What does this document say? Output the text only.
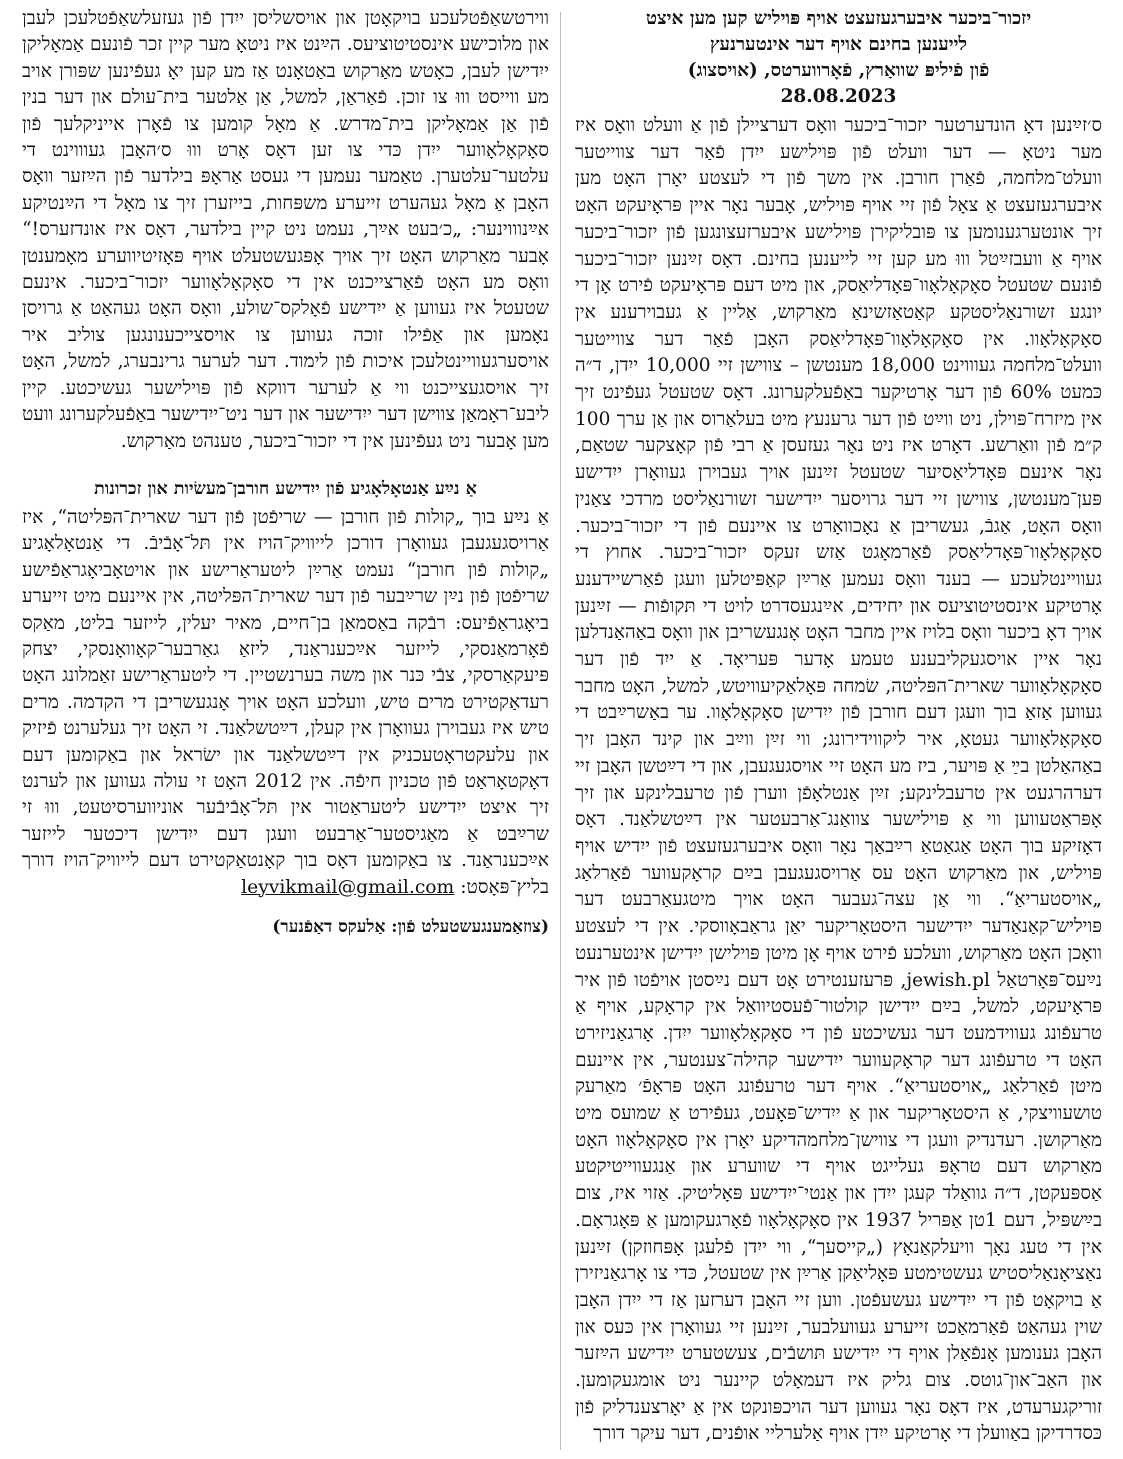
יזכור־ביכער איבערגעזעצט אויף פּויליש קען מען איצט
לייענען בחינם אויף דער אינטערנעץ
פֿון פֿיליפּ שוואַרץ, פֿאָרווערטס, (אויסצוג)
28.08.2023

ס׳זײַנען דאָ הונדערטער יזכור־ביכער וואָס דערציילן פֿון אַ וועלט וואָס איז מער ניטאָ — דער וועלט פֿון פּוילישע ייִדן פֿאַר דער צווייטער וועלט־מלחמה, פֿאַרן חורבן. אין משך פֿון די לעצטע יאָרן האָט מען איבערגעזעצט אַ צאָל פֿון זיי אויף פּויליש, אָבער נאָר איין פּראָיעקט האָט זיך אונטערגענומען צו פּובליקירן פּוילישע איבערזעצונגען פֿון יזכור־ביכער אויף אַ וועבזײַטל וווּ מע קען זיי לייענען בחינם. דאָס זײַנען יזכור־ביכער פֿונעם שטעטל סאָקאָלאָוו־פּאָדליאַסק, און מיט דעם פּראָיעקט פֿירט אָן די יונגע זשורנאַליסטקע קאַטאַזשינאַ מאַרקוש, אַליין אַ געבוירענע אין סאָקאָלאָוו. אין סאָקאָלאָוו־פּאָדליאַסק האָבן פֿאַר דער צווייטער וועלט־מלחמה געוווינט 18,000 מענטשן – צווישן זיי 10,000 ייִדן, ד״ה כּמעט 60% פֿון דער אָרטיקער באַפֿעלקערונג. דאָס שטעטל געפֿינט זיך אין מיזרח־פּוילן, ניט ווײַט פֿון דער גרענעץ מיט בעלאַרוס און אַן ערך 100 ק״מ פֿון וואַרשע. דאָרט איז ניט נאָר געזעסן אַ רבי פֿון קאָצקער שטאַם, נאָר אינעם פּאָדליאַסיער שטעטל זײַנען אויך געבוירן געוואָרן ייִדישע פּען־מענטשן, צווישן זיי דער גרויסער ייִדישער זשורנאַליסט מרדכי צאַנין וואָס האָט, אַגבֿ, געשריבן אַ נאָכוואָרט צו איינעם פֿון די יזכור־ביכער. סאָקאָלאָוו־פּאָדליאַסק פֿאַרמאָגט אַזש זעקס יזכור־ביכער. אחוץ די געוויינטלעכע — בענד וואָס נעמען אַרײַן קאַפּיטלען וועגן פֿאַרשיידענע אָרטיקע אינסטיטוציעס און יחידים, אײַנגעסדרט לויט די תּקופֿות — זײַנען אויך דאָ ביכער וואָס בלויז איין מחבר האָט אָנגעשריבן און וואָס באַהאַנדלען נאָר איין אויסגעקליבענע טעמע אָדער פּעריאָד. אַ ייִד פֿון דער סאָקאָלאָווער שארית־הפּליטה, שׂמחה פּאָלאַקיעוויטש, למשל, האָט מחבר געווען אַזאַ בוך וועגן דעם חורבן פֿון ייִדישן סאָקאָלאָוו. ער באַשרײַבט די סאָקאָלאָווער געטאָ, איר ליקווידירונג; ווי זײַן ווײַב און קינד האָבן זיך באַהאַלטן בײַ אַ פּויער, ביז מע האָט זיי אויסגעגעבן, און די דײַטשן האָבן זיי דערהרגעט אין טרעבלינקע; זײַן אַנטלאָפֿן ווערן פֿון טרעבלינקע און זיך אָפּראַטעווען ווי אַ פּוילישער צוואַנג־אַרבעטער אין דײַטשלאַנד. דאָס דאָזיקע בוך האָט אַגאַטאַ רײַבאַך נאָר וואָס איבערגעזעצט פֿון ייִדיש אויף פּויליש, און מאַרקוש האָט עס אַרויסגעגעבן בײַם קראָקעווער פֿאַרלאַג „אויסטעריאַ“. ווי אַן עצה־געבער האָט אויך מיטגעאַרבעט דער פּויליש־קאַנאַדער ייִדישער היסטאָריקער יאַן גראַבאָווסקי. אין די לעצטע וואָכן האָט מאַרקוש, וועלכע פֿירט אויף אָן מיטן פּוילישן ייִדישן אינטערנעט נײַעס־פּאָרטאַל jewish.pl, פּרעזענטירט אָט דעם נײַסטן אויפֿטו פֿון איר פּראָיעקט, למשל, בײַם ייִדישן קולטור־פֿעסטיוואַל אין קראָקע, אויף אַ טרעפֿונג געווידמעט דער געשיכטע פֿון די סאָקאָלאָווער ייִדן. אָרגאַניזירט האָט די טרעפֿונג דער קראָקעווער ייִדישער קהילה־צענטער, אין איינעם מיטן פֿאַרלאַג „אויסטעריאַ“. אויף דער טרעפֿונג האָט פּראָפֿ׳ מאַרעק טושעוויצקי, אַ היסטאָריקער און אַ ייִדיש־פּאָעט, געפֿירט אַ שמועס מיט מאַרקושן. רעדנדיק וועגן די צווישן־מלחמהדיקע יאָרן אין סאָקאָלאָוו האָט מאַרקוש דעם טראָפּ געלייגט אויף די שווערע און אַנגעווייטיקטע אַספּעקטן, ד״ה גוואַלד קעגן ייִדן און אַנטי־ייִדישע פּאָליטיק. אַזוי איז, צום בײַשפּיל, דעם 1טן אַפּריל 1937 אין סאָקאָלאָוו פֿאָרגעקומען אַ פּאָגראָם. אין די טעג נאָך וויעלקאַנאָץ („קייסעך“, ווי ייִדן פֿלעגן אָפּחוזקן) זײַנען נאַציאָנאַליסטיש געשטימטע פּאָליאַקן אַרײַן אין שטעטל, כּדי צו אָרגאַניזירן אַ בויקאָט פֿון די ייִדישע געשעפֿטן. ווען זיי האָבן דערזען אַז די ייִדן האָבן שוין געהאַט פֿאַרמאַכט זייערע געוועלבער, זײַנען זיי געוואָרן אין כּעס און האָבן גענומען אָנפֿאַלן אויף די ייִדישע תּושבֿים, צעשטערט ייִדישע הײַזער און האַב־און־גוטס. צום גליק איז דעמאָלט קיינער ניט אומגעקומען. זוריקגערעדט, איז דאָס נאָר געווען דער הויכפּונקט אין אַ יאָרצענדליק פֿון כּסדרדיקן באַוועלן די אָרטיקע ייִדן אויף אַלערליי אופֿנים, דער עיקר דורך

ווירטשאַפֿטלעכע בויקאָטן און אויסשליסן ייִדן פֿון געזעלשאַפֿטלעכן לעבן און מלוכישע אינסטיטוציעס. הײַנט איז ניטאָ מער קיין זכר פֿונעם אַמאָליקן ייִדישן לעבן, כאָטש מאַרקוש באַטאָנט אַז מע קען יאָ געפֿינען שפּורן אויב מע ווייסט וווּ צו זוכן. פֿאַראַן, למשל, אַן אַלטער בית־עולם און דער בנין פֿון אַן אַמאָליקן בית־מדרש. אַ מאָל קומען צו פֿאָרן אייניקלעך פֿון סאָקאָלאָווער ייִדן כּדי צו זען דאָס אָרט וווּ ס׳האָבן געוווינט די עלטער־עלטערן. טאַמער נעמען די געסט אַראָפּ בילדער פֿון הײַזער וואָס האָבן אַ מאָל געהערט זייערע משפּחות, בייזערן זיך צו מאָל די הײַנטיקע אײַנוווינער: „כ׳בעט אײַך, נעמט ניט קיין בילדער, דאָס איז אונדזערס!“ אָבער מאַרקוש האָט זיך אויך אָפּגעשטעלט אויף פּאָזיטיווערע מאָמענטן וואָס מע האָט פֿאַרצייכנט אין די סאָקאָלאָווער יזכור־ביכער. אינעם שטעטל איז געווען אַ ייִדישע פֿאָלקס־שולע, וואָס האָט געהאַט אַ גרויסן נאָמען און אַפֿילו זוכה געווען צו אויסצייכענונגען צוליב איר אויסערגעוויינטלעכן איכות פֿון לימוד. דער לערער גרינבערג, למשל, האָט זיך אויסגעצייכנט ווי אַ לערער דווקא פֿון פּוילישער געשיכטע. קיין ליבע־ראָמאַן צווישן דער ייִדישער און דער ניט־ייִדישער באַפֿעלקערונג וועט מען אָבער ניט געפֿינען אין די יזכור־ביכער, טענהט מאַרקוש.

אַ נײַע אַנטאָלאָגיע פֿון ייִדישע חורבן־מעשׂיות און זכרונות

אַ נײַע בוך „קולות פֿון חורבן — שריפֿטן פֿון דער שארית־הפּליטה“, איז אַרויסגעגעבן געוואָרן דורכן לייוויק־הויז אין תּל־אָבֿיבֿ. די אַנטאָלאָגיע „קולות פֿון חורבן“ נעמט אַרײַן ליטעראַרישע און אויטאָביאָגראַפֿישע שריפֿטן פֿון נײַן שרײַבער פֿון דער שארית־הפּליטה, אין איינעם מיט זייערע ביאָגראַפֿיעס: רבֿקה באַסמאַן בן־חיים, מאיר יעלין, לייזער בליט, מאַקס פֿאָרמאַנסקי, לייזער אײַכענראַנד, ליזאַ גאַרבער־קאָוואָנסקי, יצחק פּיעקאַרסקי, צבֿי כּנר און משה בערנשטיין. די ליטעראַרישע זאַמלונג האָט רעדאַקטירט מרים טיש, וועלכע האָט אויך אָנגעשריבן די הקדמה. מרים טיש איז געבוירן געוואָרן אין קעלן, דײַטשלאַנד. זי האָט זיך געלערנט פֿיזיק און עלעקטראָטעכניק אין דײַטשלאַנד און ישׂראל און באַקומען דעם דאָקטאָראַט פֿון טכניון חיפֿה. אין 2012 האָט זי עולה געווען און לערנט זיך איצט ייִדישע ליטעראַטור אין תּל־אָבֿיבֿער אוניווערסיטעט, וווּ זי שרײַבט אַ מאַגיסטער־אַרבעט וועגן דעם ייִדישן דיכטער לייזער אײַכענראַנד. צו באַקומען דאָס בוך קאָנטאַקטירט דעם לייוויק־הויז דורך בליץ־פּאָסט: leyvikmail@gmail.com

(צוזאַמענגעשטעלט פֿון: אַלעקס דאַפֿנער)
